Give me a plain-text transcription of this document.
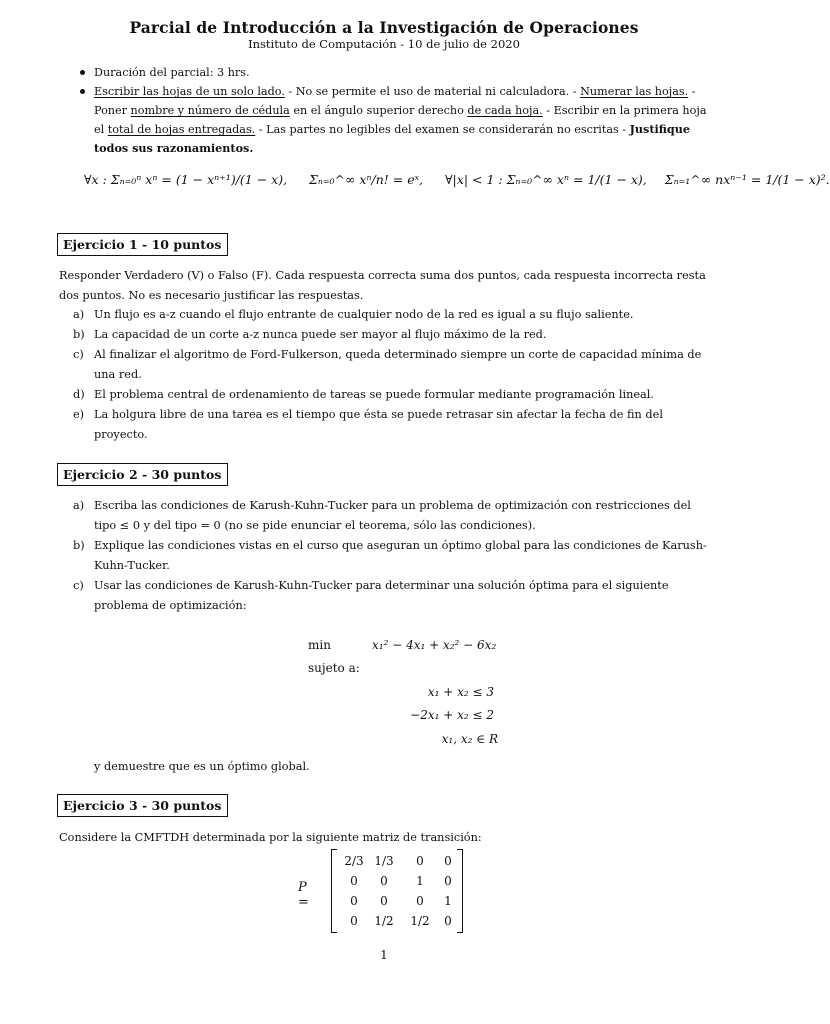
Parcial de Introducción a la Investigación de Operaciones
Instituto de Computación - 10 de julio de 2020
Duración del parcial: 3 hrs.
Escribir las hojas de un solo lado. - No se permite el uso de material ni calculadora. - Numerar las hojas. - Poner nombre y número de cédula en el ángulo superior derecho de cada hoja. - Escribir en la primera hoja el total de hojas entregadas. - Las partes no legibles del examen se considerarán no escritas - Justifique todos sus razonamientos.
∀x : Σₙ₌₀ⁿ xⁿ = (1 − xⁿ⁺¹)/(1 − x), Σₙ₌₀^∞ xⁿ/n! = eˣ, ∀|x| < 1 : Σₙ₌₀^∞ xⁿ = 1/(1 − x), Σₙ₌₁^∞ nxⁿ⁻¹ = 1/(1 − x)².
Ejercicio 1 - 10 puntos
Responder Verdadero (V) o Falso (F). Cada respuesta correcta suma dos puntos, cada respuesta incorrecta resta dos puntos. No es necesario justificar las respuestas.
a) Un flujo es a-z cuando el flujo entrante de cualquier nodo de la red es igual a su flujo saliente.
b) La capacidad de un corte a-z nunca puede ser mayor al flujo máximo de la red.
c) Al finalizar el algoritmo de Ford-Fulkerson, queda determinado siempre un corte de capacidad mínima de una red.
d) El problema central de ordenamiento de tareas se puede formular mediante programación lineal.
e) La holgura libre de una tarea es el tiempo que ésta se puede retrasar sin afectar la fecha de fin del proyecto.
Ejercicio 2 - 30 puntos
a) Escriba las condiciones de Karush-Kuhn-Tucker para un problema de optimización con restricciones del tipo ≤ 0 y del tipo = 0 (no se pide enunciar el teorema, sólo las condiciones).
b) Explique las condiciones vistas en el curso que aseguran un óptimo global para las condiciones de Karush-Kuhn-Tucker.
c) Usar las condiciones de Karush-Kuhn-Tucker para determinar una solución óptima para el siguiente problema de optimización:
min	x₁² − 4x₁ + x₂² − 6x₂
sujeto a:
x₁ + x₂ ≤ 3
−2x₁ + x₂ ≤ 2
x₁, x₂ ∈ R
y demuestre que es un óptimo global.
Ejercicio 3 - 30 puntos
Considere la CMFTDH determinada por la siguiente matriz de transición:
P =
2/3 1/3	0	0
0	0	1	0
0	0	0	1
0	1/2	1/2	0
1
